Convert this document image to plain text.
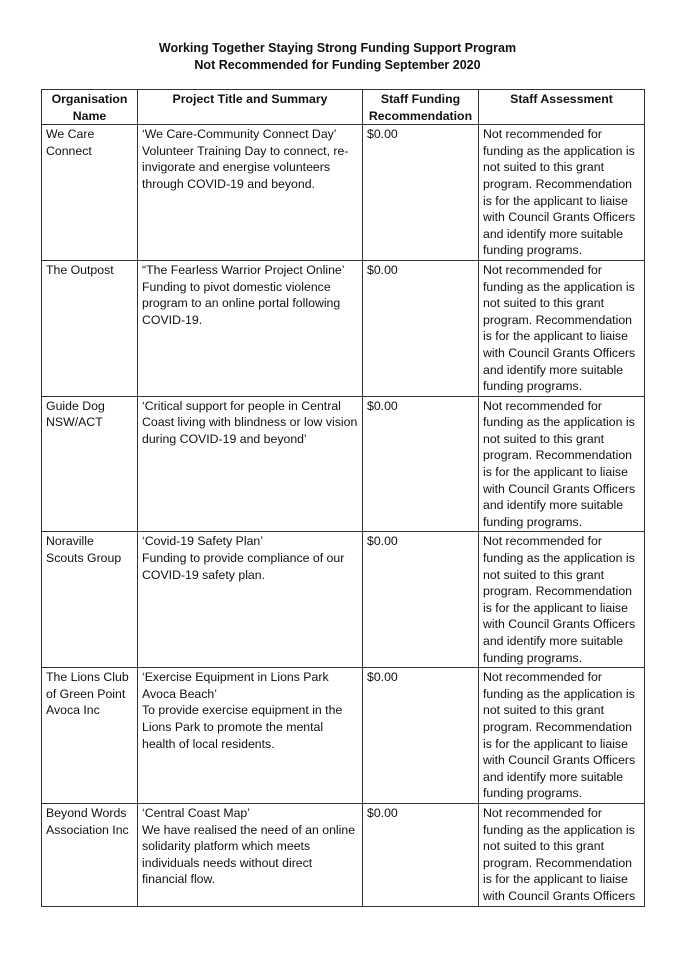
Working Together Staying Strong Funding Support Program
Not Recommended for Funding September 2020
Organisation Name	Project Title and Summary	Staff Funding Recommendation	Staff Assessment
We Care Connect	‘We Care-Community Connect Day’
Volunteer Training Day to connect, re-invigorate and energise volunteers through COVID-19 and beyond.	$0.00	Not recommended for funding as the application is not suited to this grant program. Recommendation is for the applicant to liaise with Council Grants Officers and identify more suitable funding programs.
The Outpost	“The Fearless Warrior Project Online’
Funding to pivot domestic violence program to an online portal following COVID-19.	$0.00	Not recommended for funding as the application is not suited to this grant program. Recommendation is for the applicant to liaise with Council Grants Officers and identify more suitable funding programs.
Guide Dog NSW/ACT	‘Critical support for people in Central Coast living with blindness or low vision during COVID-19 and beyond’	$0.00	Not recommended for funding as the application is not suited to this grant program. Recommendation is for the applicant to liaise with Council Grants Officers and identify more suitable funding programs.
Noraville Scouts Group	‘Covid-19 Safety Plan’
Funding to provide compliance of our COVID-19 safety plan.	$0.00	Not recommended for funding as the application is not suited to this grant program. Recommendation is for the applicant to liaise with Council Grants Officers and identify more suitable funding programs.
The Lions Club of Green Point Avoca Inc	‘Exercise Equipment in Lions Park Avoca Beach’
To provide exercise equipment in the Lions Park to promote the mental health of local residents.	$0.00	Not recommended for funding as the application is not suited to this grant program. Recommendation is for the applicant to liaise with Council Grants Officers and identify more suitable funding programs.
Beyond Words Association Inc	‘Central Coast Map’
We have realised the need of an online solidarity platform which meets individuals needs without direct financial flow.	$0.00	Not recommended for funding as the application is not suited to this grant program. Recommendation is for the applicant to liaise with Council Grants Officers
